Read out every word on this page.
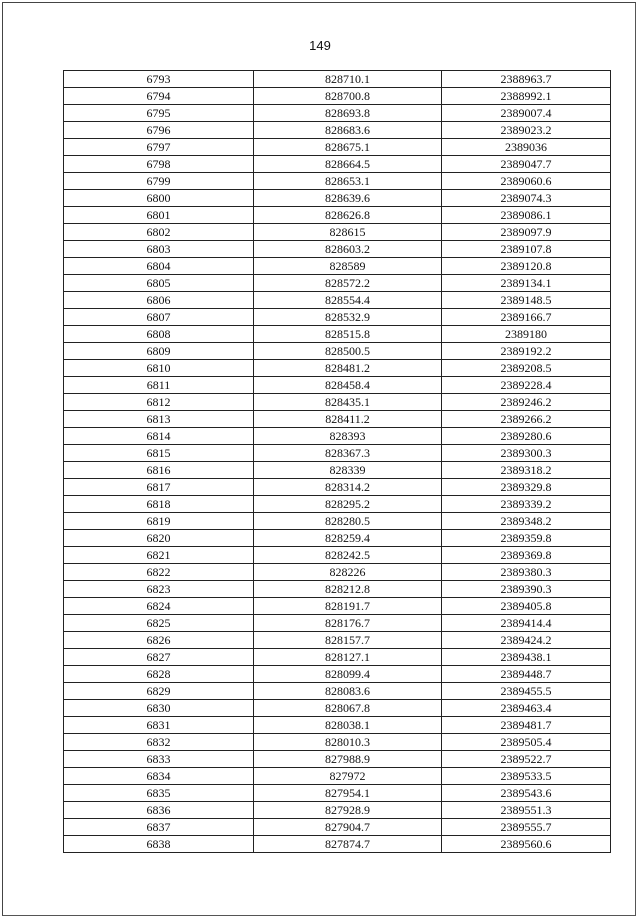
149
6793	828710.1	2388963.7
6794	828700.8	2388992.1
6795	828693.8	2389007.4
6796	828683.6	2389023.2
6797	828675.1	2389036
6798	828664.5	2389047.7
6799	828653.1	2389060.6
6800	828639.6	2389074.3
6801	828626.8	2389086.1
6802	828615	2389097.9
6803	828603.2	2389107.8
6804	828589	2389120.8
6805	828572.2	2389134.1
6806	828554.4	2389148.5
6807	828532.9	2389166.7
6808	828515.8	2389180
6809	828500.5	2389192.2
6810	828481.2	2389208.5
6811	828458.4	2389228.4
6812	828435.1	2389246.2
6813	828411.2	2389266.2
6814	828393	2389280.6
6815	828367.3	2389300.3
6816	828339	2389318.2
6817	828314.2	2389329.8
6818	828295.2	2389339.2
6819	828280.5	2389348.2
6820	828259.4	2389359.8
6821	828242.5	2389369.8
6822	828226	2389380.3
6823	828212.8	2389390.3
6824	828191.7	2389405.8
6825	828176.7	2389414.4
6826	828157.7	2389424.2
6827	828127.1	2389438.1
6828	828099.4	2389448.7
6829	828083.6	2389455.5
6830	828067.8	2389463.4
6831	828038.1	2389481.7
6832	828010.3	2389505.4
6833	827988.9	2389522.7
6834	827972	2389533.5
6835	827954.1	2389543.6
6836	827928.9	2389551.3
6837	827904.7	2389555.7
6838	827874.7	2389560.6
